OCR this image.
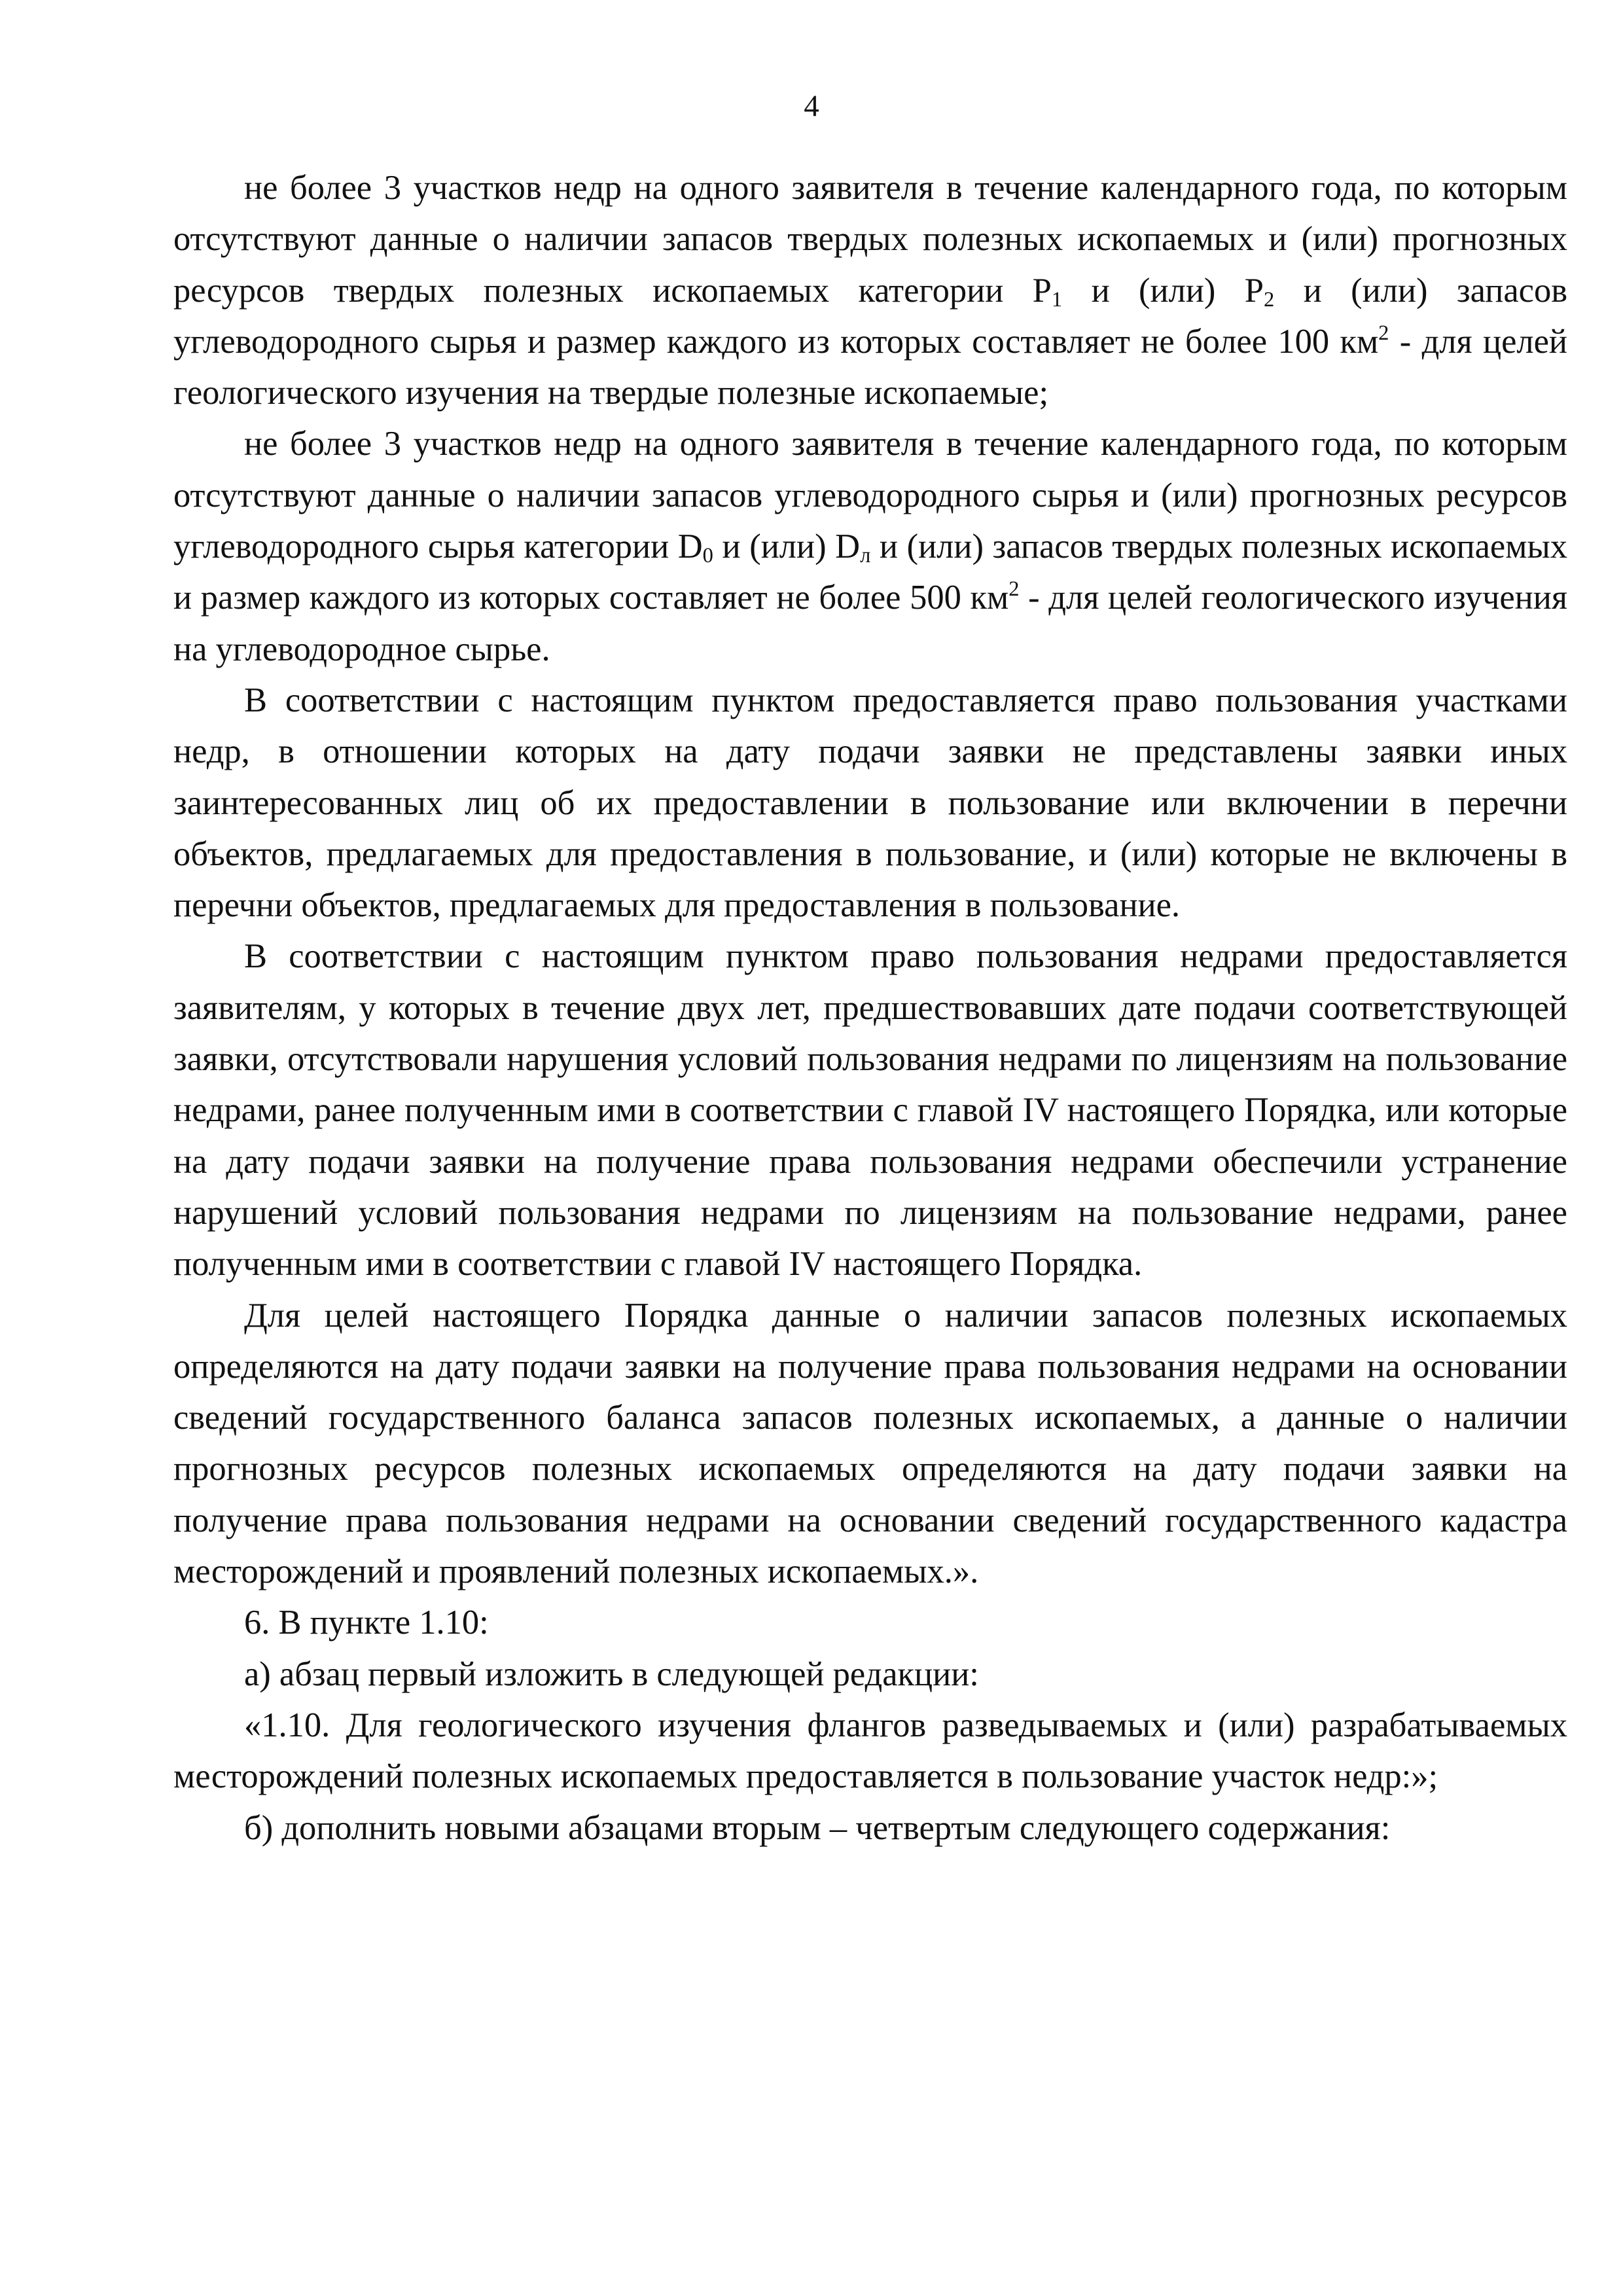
4

не более 3 участков недр на одного заявителя в течение календарного года, по которым отсутствуют данные о наличии запасов твердых полезных ископаемых и (или) прогнозных ресурсов твердых полезных ископаемых категории $P_1$ и (или) $P_2$ и (или) запасов углеводородного сырья и размер каждого из которых составляет не более 100 $км^2$ - для целей геологического изучения на твердые полезные ископаемые;

не более 3 участков недр на одного заявителя в течение календарного года, по которым отсутствуют данные о наличии запасов углеводородного сырья и (или) прогнозных ресурсов углеводородного сырья категории $D_0$ и (или) $D_л$ и (или) запасов твердых полезных ископаемых и размер каждого из которых составляет не более 500 $км^2$ - для целей геологического изучения на углеводородное сырье.

В соответствии с настоящим пунктом предоставляется право пользования участками недр, в отношении которых на дату подачи заявки не представлены заявки иных заинтересованных лиц об их предоставлении в пользование или включении в перечни объектов, предлагаемых для предоставления в пользование, и (или) которые не включены в перечни объектов, предлагаемых для предоставления в пользование.

В соответствии с настоящим пунктом право пользования недрами предоставляется заявителям, у которых в течение двух лет, предшествовавших дате подачи соответствующей заявки, отсутствовали нарушения условий пользования недрами по лицензиям на пользование недрами, ранее полученным ими в соответствии с главой IV настоящего Порядка, или которые на дату подачи заявки на получение права пользования недрами обеспечили устранение нарушений условий пользования недрами по лицензиям на пользование недрами, ранее полученным ими в соответствии с главой IV настоящего Порядка.

Для целей настоящего Порядка данные о наличии запасов полезных ископаемых определяются на дату подачи заявки на получение права пользования недрами на основании сведений государственного баланса запасов полезных ископаемых, а данные о наличии прогнозных ресурсов полезных ископаемых определяются на дату подачи заявки на получение права пользования недрами на основании сведений государственного кадастра месторождений и проявлений полезных ископаемых.».

6. В пункте 1.10:

а) абзац первый изложить в следующей редакции:

«1.10. Для геологического изучения флангов разведываемых и (или) разрабатываемых месторождений полезных ископаемых предоставляется в пользование участок недр:»;

б) дополнить новыми абзацами вторым – четвертым следующего содержания:
